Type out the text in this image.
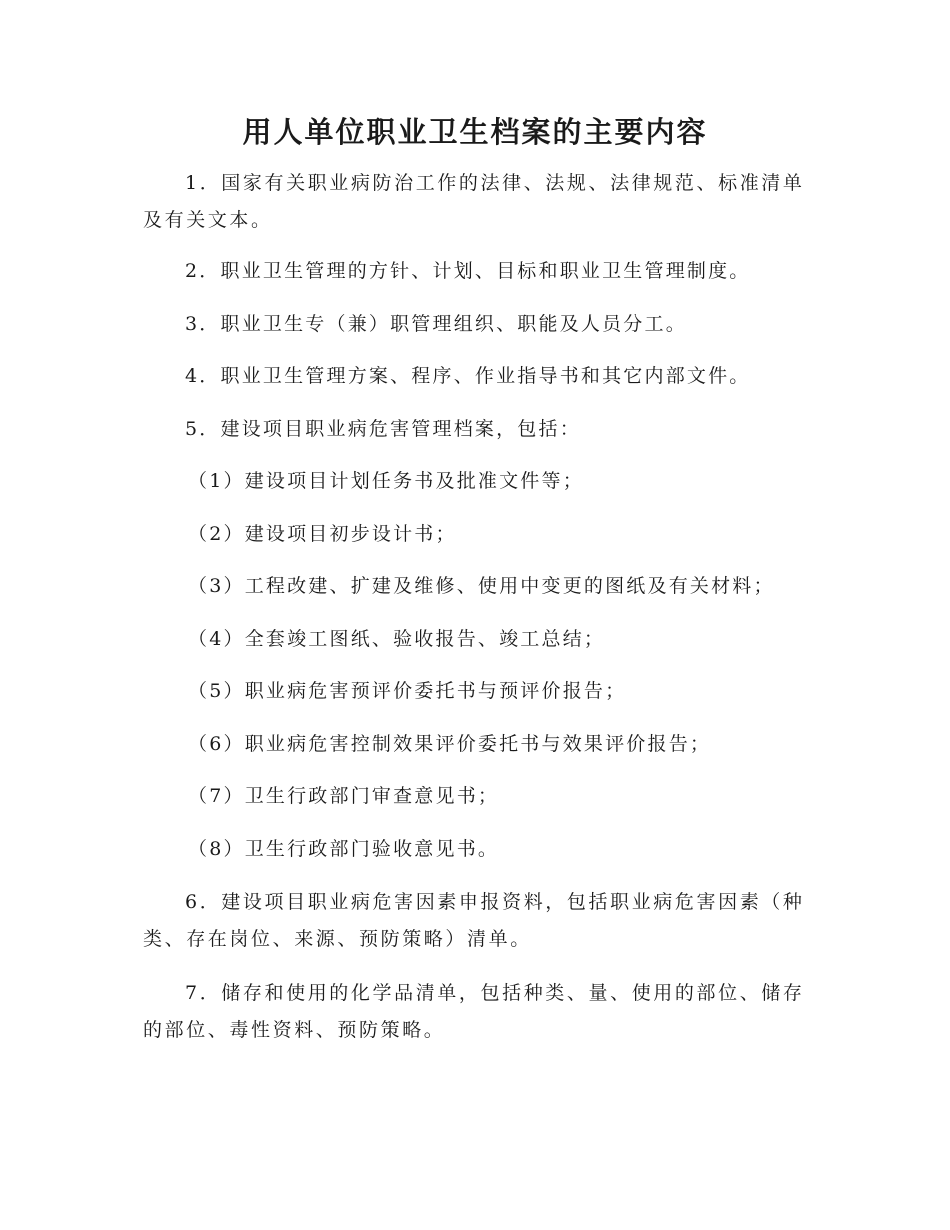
用人单位职业卫生档案的主要内容
1．国家有关职业病防治工作的法律、法规、法律规范、标准清单及有关文本。
2．职业卫生管理的方针、计划、目标和职业卫生管理制度。
3．职业卫生专（兼）职管理组织、职能及人员分工。
4．职业卫生管理方案、程序、作业指导书和其它内部文件。
5．建设项目职业病危害管理档案，包括：
（1）建设项目计划任务书及批准文件等；
（2）建设项目初步设计书；
（3）工程改建、扩建及维修、使用中变更的图纸及有关材料；
（4）全套竣工图纸、验收报告、竣工总结；
（5）职业病危害预评价委托书与预评价报告；
（6）职业病危害控制效果评价委托书与效果评价报告；
（7）卫生行政部门审查意见书；
（8）卫生行政部门验收意见书。
6．建设项目职业病危害因素申报资料，包括职业病危害因素（种类、存在岗位、来源、预防策略）清单。
7．储存和使用的化学品清单，包括种类、量、使用的部位、储存的部位、毒性资料、预防策略。
